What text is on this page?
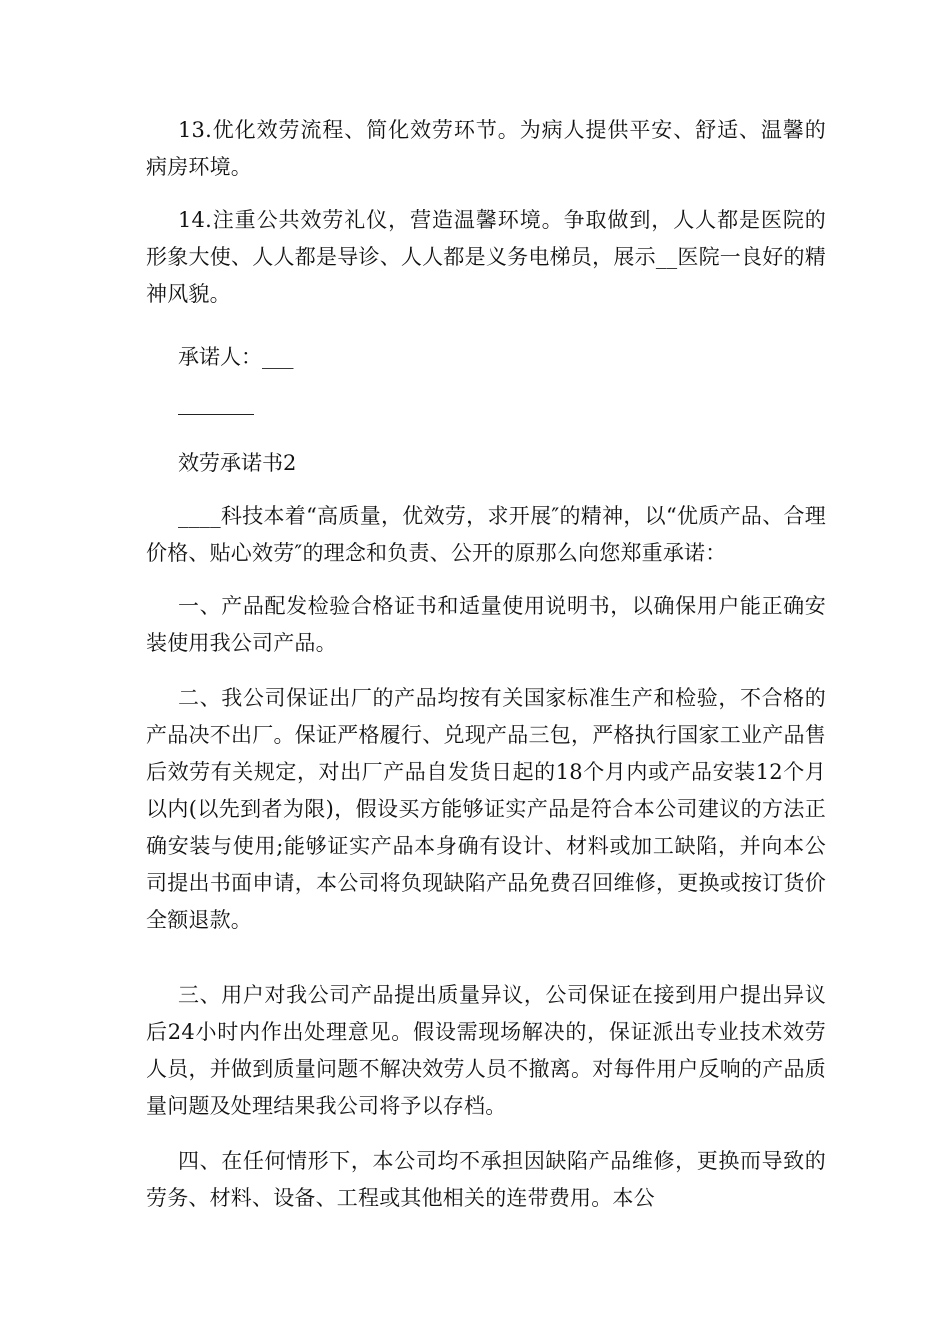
13.优化效劳流程、简化效劳环节。为病人提供平安、舒适、温馨的病房环境。

14.注重公共效劳礼仪，营造温馨环境。争取做到，人人都是医院的形象大使、人人都是导诊、人人都是义务电梯员，展示__医院一良好的精神风貌。

承诺人：___

效劳承诺书2

____科技本着“高质量，优效劳，求开展″的精神，以“优质产品、合理价格、贴心效劳″的理念和负责、公开的原那么向您郑重承诺：

一、产品配发检验合格证书和适量使用说明书，以确保用户能正确安装使用我公司产品。

二、我公司保证出厂的产品均按有关国家标准生产和检验，不合格的产品决不出厂。保证严格履行、兑现产品三包，严格执行国家工业产品售后效劳有关规定，对出厂产品自发货日起的18个月内或产品安装12个月以内(以先到者为限)，假设买方能够证实产品是符合本公司建议的方法正确安装与使用;能够证实产品本身确有设计、材料或加工缺陷，并向本公司提出书面申请，本公司将负现缺陷产品免费召回维修，更换或按订货价全额退款。

三、用户对我公司产品提出质量异议，公司保证在接到用户提出异议后24小时内作出处理意见。假设需现场解决的，保证派出专业技术效劳人员，并做到质量问题不解决效劳人员不撤离。对每件用户反响的产品质量问题及处理结果我公司将予以存档。

四、在任何情形下，本公司均不承担因缺陷产品维修，更换而导致的劳务、材料、设备、工程或其他相关的连带费用。本公
